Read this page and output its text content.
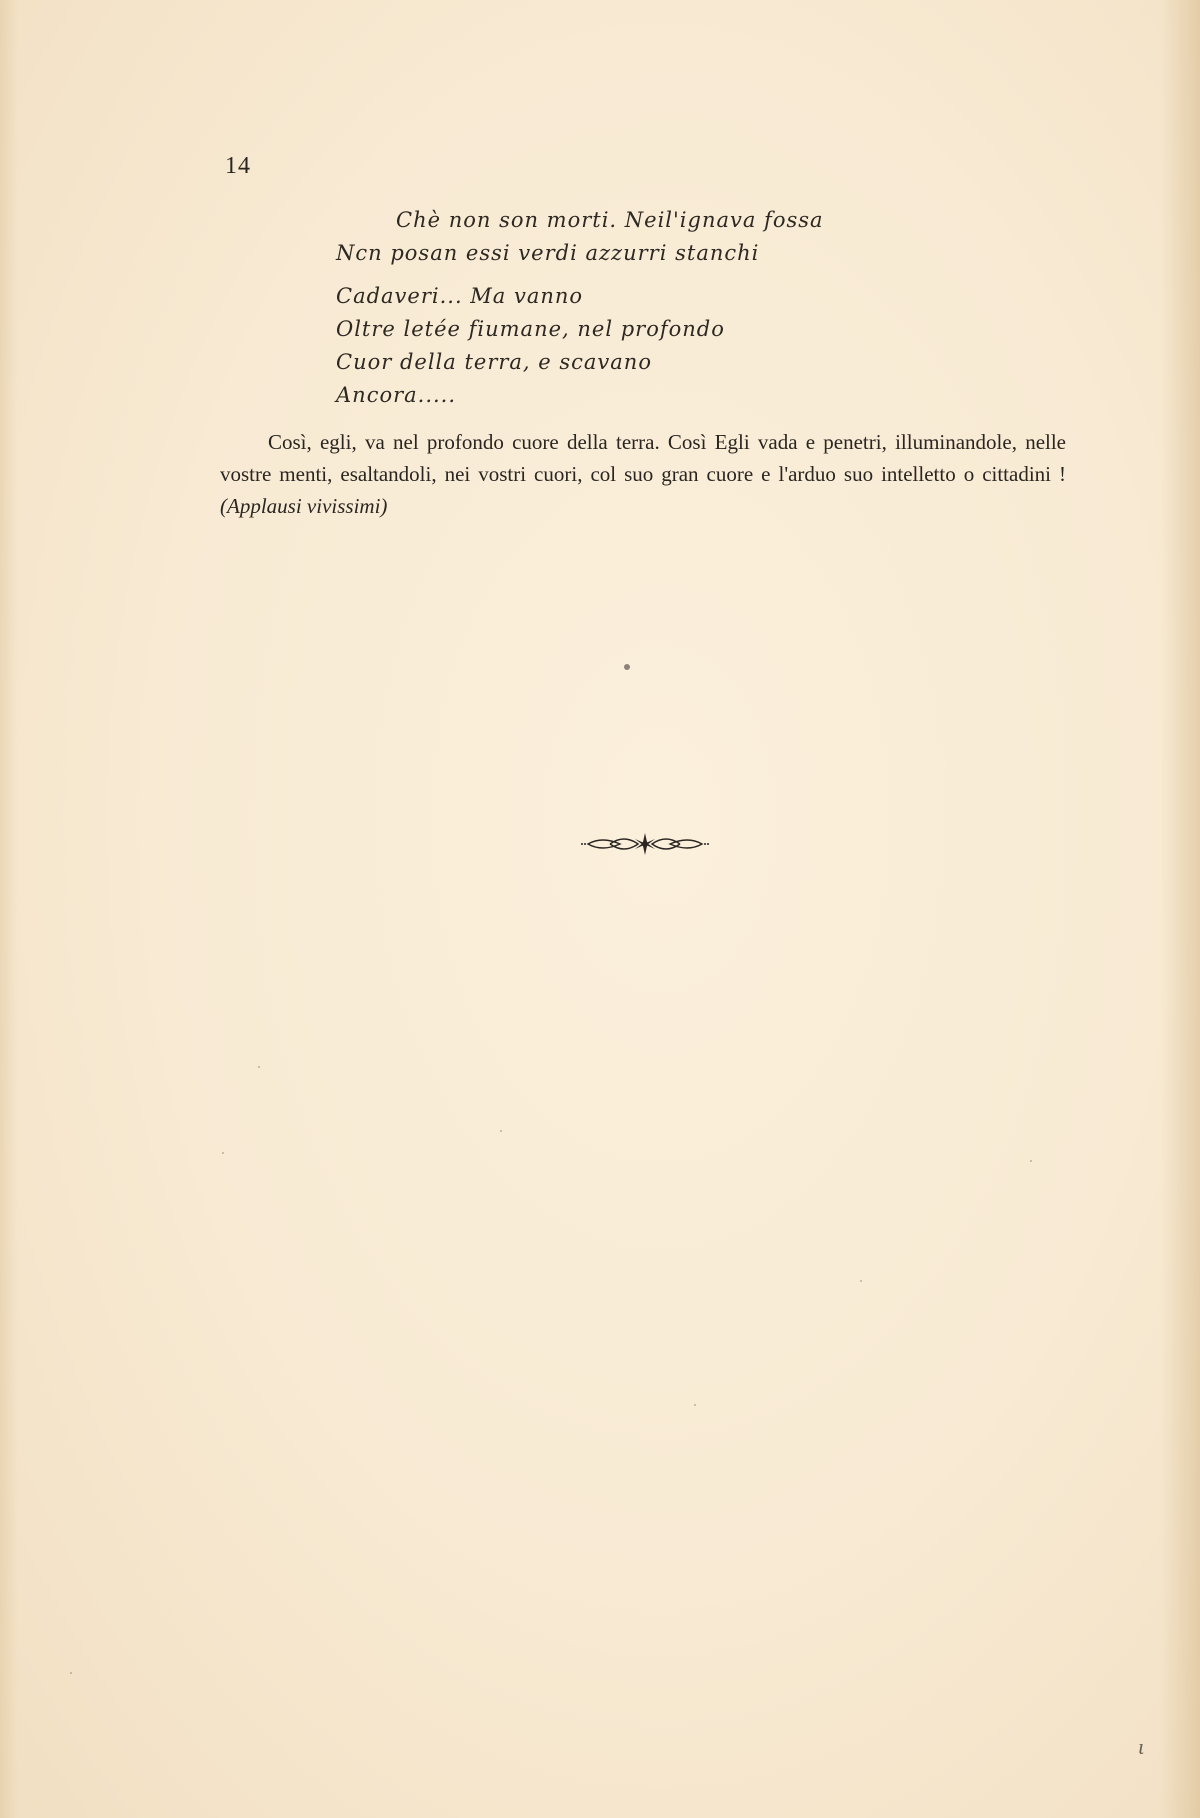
14
Chè non son morti. Neil'ignava fossa
Ncn posan essi verdi azzurri stanchi
Cadaveri... Ma vanno
Oltre letée fiumane, nel profondo
Cuor della terra, e scavano
Ancora.....
Così, egli, va nel profondo cuore della terra. Così Egli vada e penetri, illuminandole, nelle vostre menti, esaltandoli, nei vostri cuori, col suo gran cuore e l'arduo suo intelletto o cittadini ! (Applausi vivissimi)
ι
